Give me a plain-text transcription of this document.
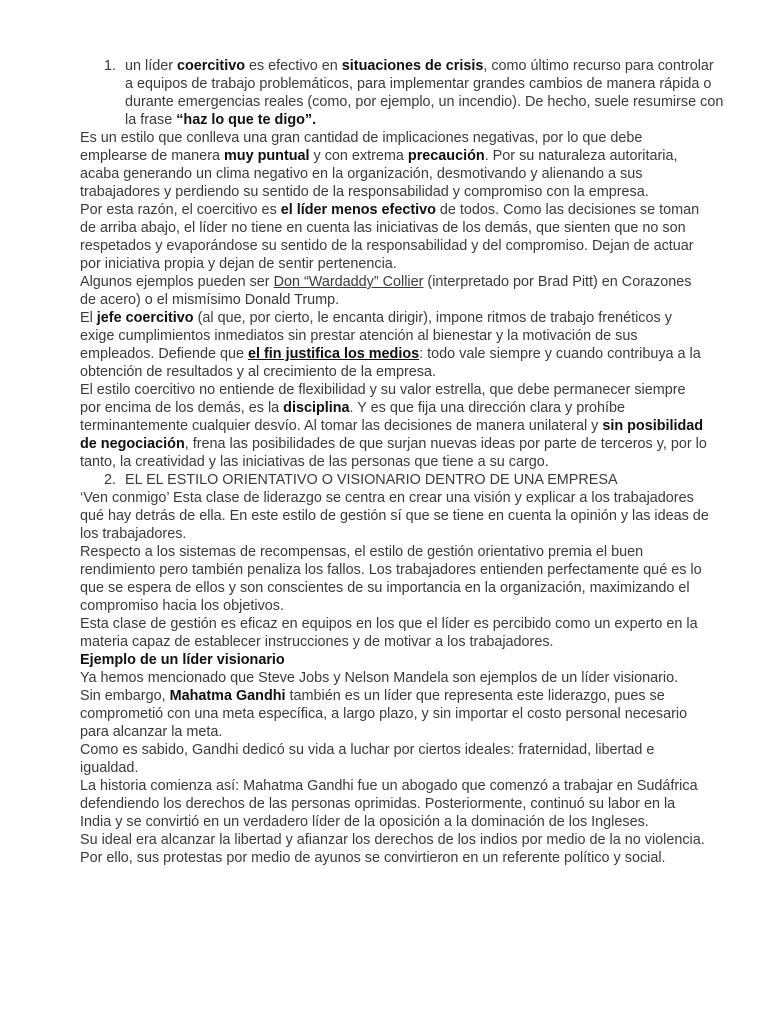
1. un líder coercitivo es efectivo en situaciones de crisis, como último recurso para controlar a equipos de trabajo problemáticos, para implementar grandes cambios de manera rápida o durante emergencias reales (como, por ejemplo, un incendio). De hecho, suele resumirse con la frase “haz lo que te digo”.

Es un estilo que conlleva una gran cantidad de implicaciones negativas, por lo que debe emplearse de manera muy puntual y con extrema precaución. Por su naturaleza autoritaria, acaba generando un clima negativo en la organización, desmotivando y alienando a sus trabajadores y perdiendo su sentido de la responsabilidad y compromiso con la empresa.

Por esta razón, el coercitivo es el líder menos efectivo de todos. Como las decisiones se toman de arriba abajo, el líder no tiene en cuenta las iniciativas de los demás, que sienten que no son respetados y evaporándose su sentido de la responsabilidad y del compromiso. Dejan de actuar por iniciativa propia y dejan de sentir pertenencia.

Algunos ejemplos pueden ser Don “Wardaddy” Collier (interpretado por Brad Pitt) en Corazones de acero) o el mismísimo Donald Trump.

El jefe coercitivo (al que, por cierto, le encanta dirigir), impone ritmos de trabajo frenéticos y exige cumplimientos inmediatos sin prestar atención al bienestar y la motivación de sus empleados. Defiende que el fin justifica los medios: todo vale siempre y cuando contribuya a la obtención de resultados y al crecimiento de la empresa.

El estilo coercitivo no entiende de flexibilidad y su valor estrella, que debe permanecer siempre por encima de los demás, es la disciplina. Y es que fija una dirección clara y prohíbe terminantemente cualquier desvío. Al tomar las decisiones de manera unilateral y sin posibilidad de negociación, frena las posibilidades de que surjan nuevas ideas por parte de terceros y, por lo tanto, la creatividad y las iniciativas de las personas que tiene a su cargo.

2. EL EL ESTILO ORIENTATIVO O VISIONARIO DENTRO DE UNA EMPRESA

‘Ven conmigo’ Esta clase de liderazgo se centra en crear una visión y explicar a los trabajadores qué hay detrás de ella. En este estilo de gestión sí que se tiene en cuenta la opinión y las ideas de los trabajadores.

Respecto a los sistemas de recompensas, el estilo de gestión orientativo premia el buen rendimiento pero también penaliza los fallos. Los trabajadores entienden perfectamente qué es lo que se espera de ellos y son conscientes de su importancia en la organización, maximizando el compromiso hacia los objetivos.

Esta clase de gestión es eficaz en equipos en los que el líder es percibido como un experto en la materia capaz de establecer instrucciones y de motivar a los trabajadores.

Ejemplo de un líder visionario

Ya hemos mencionado que Steve Jobs y Nelson Mandela son ejemplos de un líder visionario.

Sin embargo, Mahatma Gandhi también es un líder que representa este liderazgo, pues se comprometió con una meta específica, a largo plazo, y sin importar el costo personal necesario para alcanzar la meta.

Como es sabido, Gandhi dedicó su vida a luchar por ciertos ideales: fraternidad, libertad e igualdad.

La historia comienza así: Mahatma Gandhi fue un abogado que comenzó a trabajar en Sudáfrica defendiendo los derechos de las personas oprimidas. Posteriormente, continuó su labor en la India y se convirtió en un verdadero líder de la oposición a la dominación de los Ingleses.

Su ideal era alcanzar la libertad y afianzar los derechos de los indios por medio de la no violencia. Por ello, sus protestas por medio de ayunos se convirtieron en un referente político y social.
